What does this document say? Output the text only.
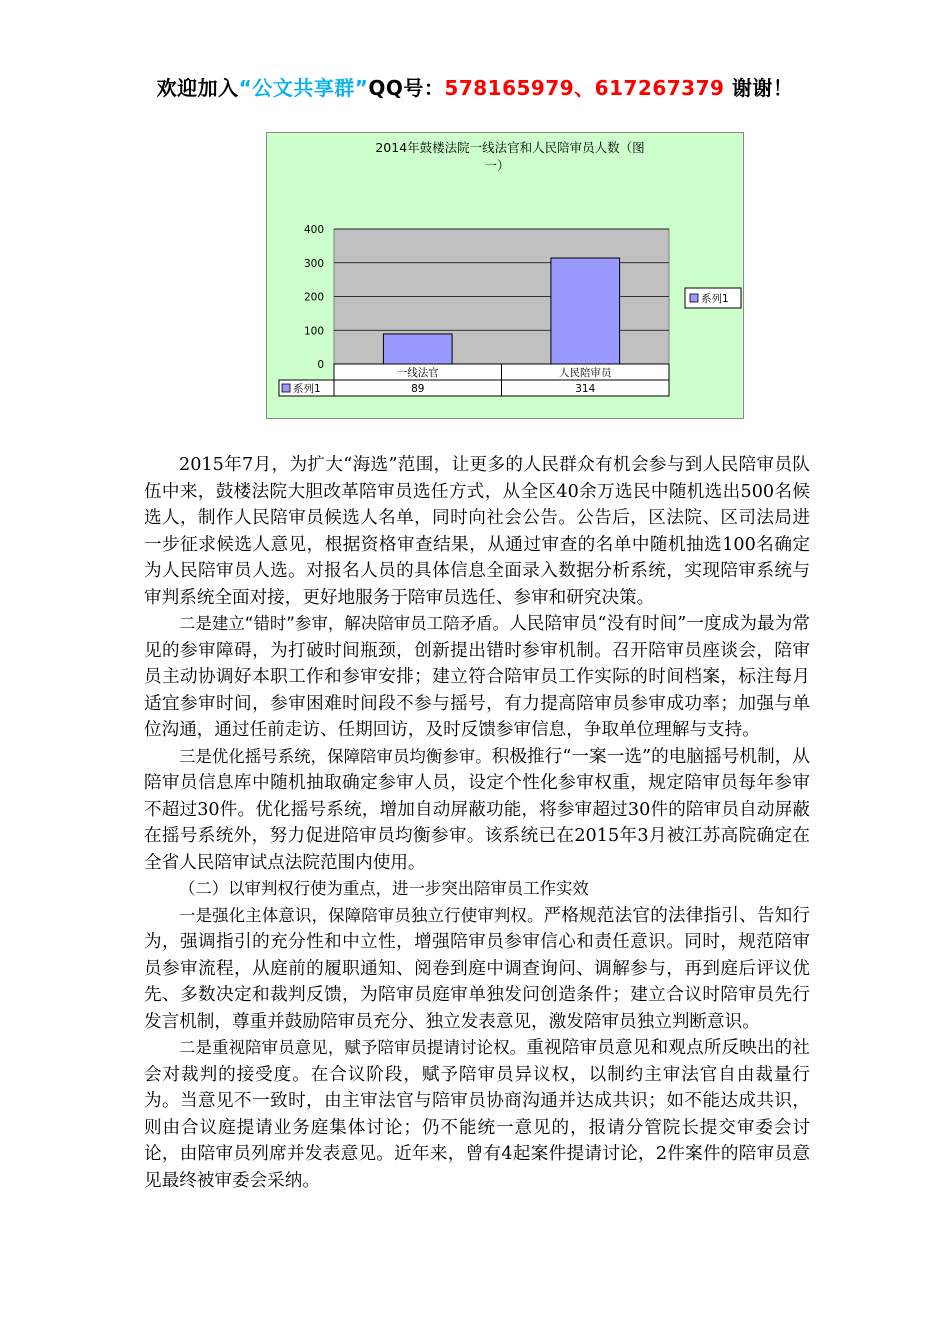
欢迎加入“公文共享群”QQ号：578165979、617267379 谢谢！
2014年鼓楼法院一线法官和人民陪审员人数（图
一）
0
100
200
300
400
一线法官
89
人民陪审员
314
系列1
系列1

2015年7月，为扩大“海选”范围，让更多的人民群众有机会参与到人民陪审员队伍中来，鼓楼法院大胆改革陪审员选任方式，从全区40余万选民中随机选出500名候选人，制作人民陪审员候选人名单，同时向社会公告。公告后，区法院、区司法局进一步征求候选人意见，根据资格审查结果，从通过审查的名单中随机抽选100名确定为人民陪审员人选。对报名人员的具体信息全面录入数据分析系统，实现陪审系统与审判系统全面对接，更好地服务于陪审员选任、参审和研究决策。

二是建立“错时”参审，解决陪审员工陪矛盾。人民陪审员“没有时间”一度成为最为常见的参审障碍，为打破时间瓶颈，创新提出错时参审机制。召开陪审员座谈会，陪审员主动协调好本职工作和参审安排；建立符合陪审员工作实际的时间档案，标注每月适宜参审时间，参审困难时间段不参与摇号，有力提高陪审员参审成功率；加强与单位沟通，通过任前走访、任期回访，及时反馈参审信息，争取单位理解与支持。

三是优化摇号系统，保障陪审员均衡参审。积极推行“一案一选”的电脑摇号机制，从陪审员信息库中随机抽取确定参审人员，设定个性化参审权重，规定陪审员每年参审不超过30件。优化摇号系统，增加自动屏蔽功能，将参审超过30件的陪审员自动屏蔽在摇号系统外，努力促进陪审员均衡参审。该系统已在2015年3月被江苏高院确定在全省人民陪审试点法院范围内使用。

（二）以审判权行使为重点，进一步突出陪审员工作实效

一是强化主体意识，保障陪审员独立行使审判权。严格规范法官的法律指引、告知行为，强调指引的充分性和中立性，增强陪审员参审信心和责任意识。同时，规范陪审员参审流程，从庭前的履职通知、阅卷到庭中调查询问、调解参与，再到庭后评议优先、多数决定和裁判反馈，为陪审员庭审单独发问创造条件；建立合议时陪审员先行发言机制，尊重并鼓励陪审员充分、独立发表意见，激发陪审员独立判断意识。

二是重视陪审员意见，赋予陪审员提请讨论权。重视陪审员意见和观点所反映出的社会对裁判的接受度。在合议阶段，赋予陪审员异议权，以制约主审法官自由裁量行为。当意见不一致时，由主审法官与陪审员协商沟通并达成共识；如不能达成共识，则由合议庭提请业务庭集体讨论；仍不能统一意见的，报请分管院长提交审委会讨论，由陪审员列席并发表意见。近年来，曾有4起案件提请讨论，2件案件的陪审员意见最终被审委会采纳。
